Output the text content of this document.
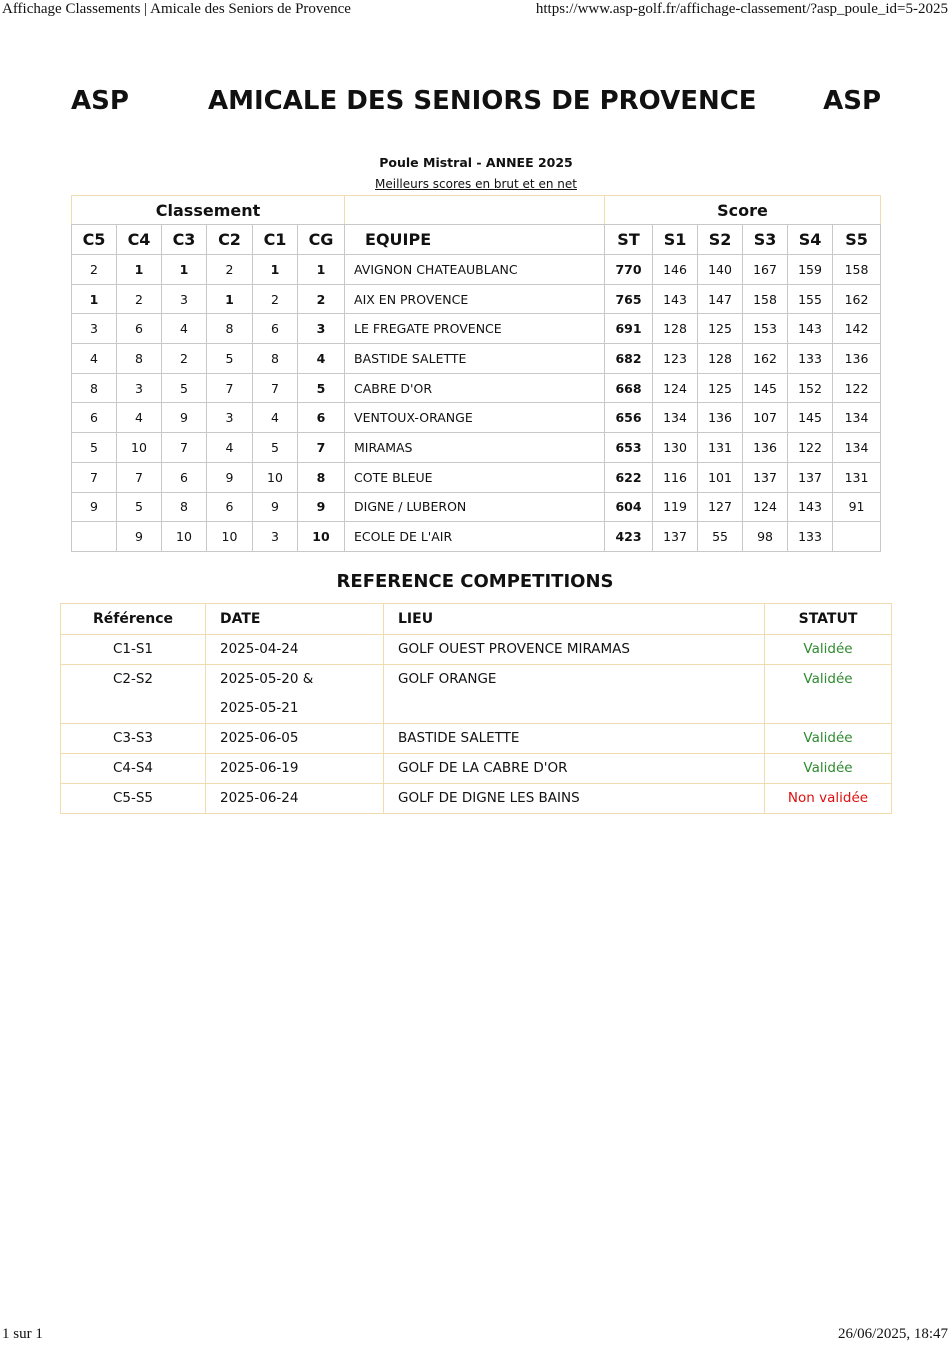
Affichage Classements | Amicale des Seniors de Provence	https://www.asp-golf.fr/affichage-classement/?asp_poule_id=5-2025
ASP	AMICALE DES SENIORS DE PROVENCE	ASP
Poule Mistral - ANNEE 2025
Meilleurs scores en brut et en net
Classement							Score					
C5	C4	C3	C2	C1	CG	EQUIPE	ST	S1	S2	S3	S4	S5
2	1	1	2	1	1	AVIGNON CHATEAUBLANC	770	146	140	167	159	158
1	2	3	1	2	2	AIX EN PROVENCE	765	143	147	158	155	162
3	6	4	8	6	3	LE FREGATE PROVENCE	691	128	125	153	143	142
4	8	2	5	8	4	BASTIDE SALETTE	682	123	128	162	133	136
8	3	5	7	7	5	CABRE D'OR	668	124	125	145	152	122
6	4	9	3	4	6	VENTOUX-ORANGE	656	134	136	107	145	134
5	10	7	4	5	7	MIRAMAS	653	130	131	136	122	134
7	7	6	9	10	8	COTE BLEUE	622	116	101	137	137	131
9	5	8	6	9	9	DIGNE / LUBERON	604	119	127	124	143	91
	9	10	10	3	10	ECOLE DE L'AIR	423	137	55	98	133	
REFERENCE COMPETITIONS
Référence	DATE	LIEU	STATUT
C1-S1	2025-04-24	GOLF OUEST PROVENCE MIRAMAS	Validée
C2-S2	2025-05-20 &
2025-05-21	GOLF ORANGE	Validée
C3-S3	2025-06-05	BASTIDE SALETTE	Validée
C4-S4	2025-06-19	GOLF DE LA CABRE D'OR	Validée
C5-S5	2025-06-24	GOLF DE DIGNE LES BAINS	Non validée
1 sur 1	26/06/2025, 18:47
